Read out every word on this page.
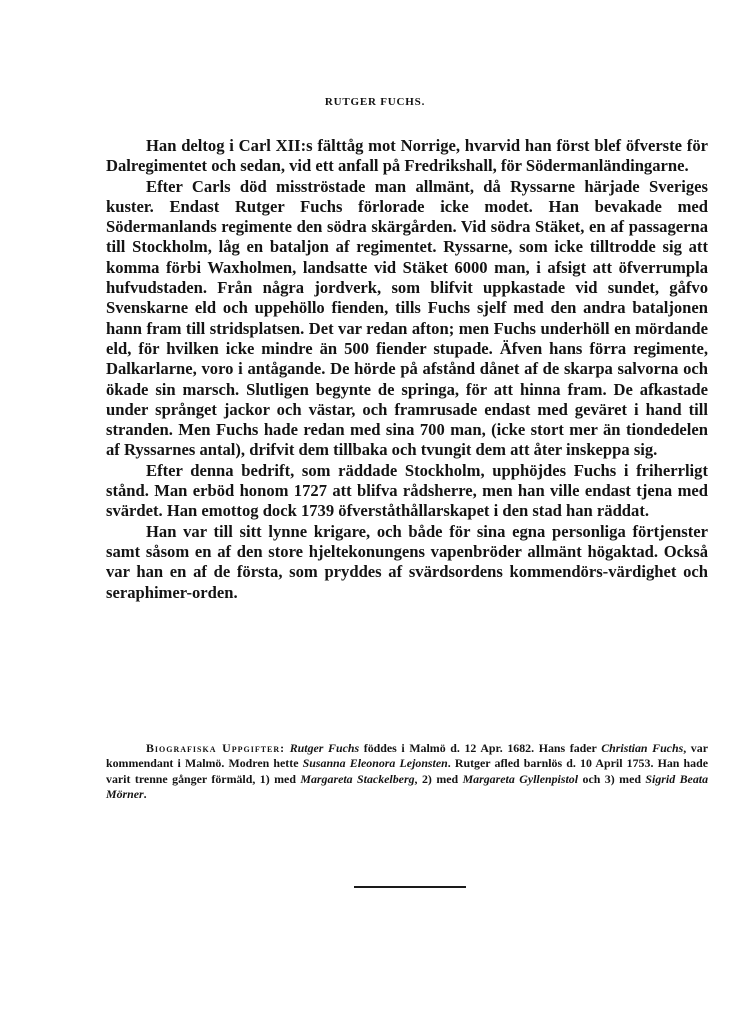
RUTGER FUCHS.

Han deltog i Carl XII:s fälttåg mot Norrige, hvarvid han först blef öfverste för Dalregimentet och sedan, vid ett anfall på Fredrikshall, för Södermanländingarne.

Efter Carls död misströstade man allmänt, då Ryssarne härjade Sveriges kuster. Endast Rutger Fuchs förlorade icke modet. Han bevakade med Södermanlands regimente den södra skärgården. Vid södra Stäket, en af passagerna till Stockholm, låg en bataljon af regimentet. Ryssarne, som icke tilltrodde sig att komma förbi Waxholmen, landsatte vid Stäket 6000 man, i afsigt att öfverrumpla hufvudstaden. Från några jordverk, som blifvit uppkastade vid sundet, gåfvo Svenskarne eld och uppehöllo fienden, tills Fuchs sjelf med den andra bataljonen hann fram till stridsplatsen. Det var redan afton; men Fuchs underhöll en mördande eld, för hvilken icke mindre än 500 fiender stupade. Äfven hans förra regimente, Dalkarlarne, voro i antågande. De hörde på afstånd dånet af de skarpa salvorna och ökade sin marsch. Slutligen begynte de springa, för att hinna fram. De afkastade under språnget jackor och västar, och framrusade endast med geväret i hand till stranden. Men Fuchs hade redan med sina 700 man, (icke stort mer än tiondedelen af Ryssarnes antal), drifvit dem tillbaka och tvungit dem att åter inskeppa sig.

Efter denna bedrift, som räddade Stockholm, upphöjdes Fuchs i friherrligt stånd. Man erböd honom 1727 att blifva rådsherre, men han ville endast tjena med svärdet. Han emottog dock 1739 öfverståthållarskapet i den stad han räddat.

Han var till sitt lynne krigare, och både för sina egna personliga förtjenster samt såsom en af den store hjeltekonungens vapenbröder allmänt högaktad. Också var han en af de första, som pryddes af svärdsordens kommendörs-värdighet och seraphimer-orden.

Biografiska Uppgifter: Rutger Fuchs föddes i Malmö d. 12 Apr. 1682. Hans fader Christian Fuchs, var kommendant i Malmö. Modren hette Susanna Eleonora Lejonsten. Rutger afled barnlös d. 10 April 1753. Han hade varit trenne gånger förmäld, 1) med Margareta Stackelberg, 2) med Margareta Gyllenpistol och 3) med Sigrid Beata Mörner.
